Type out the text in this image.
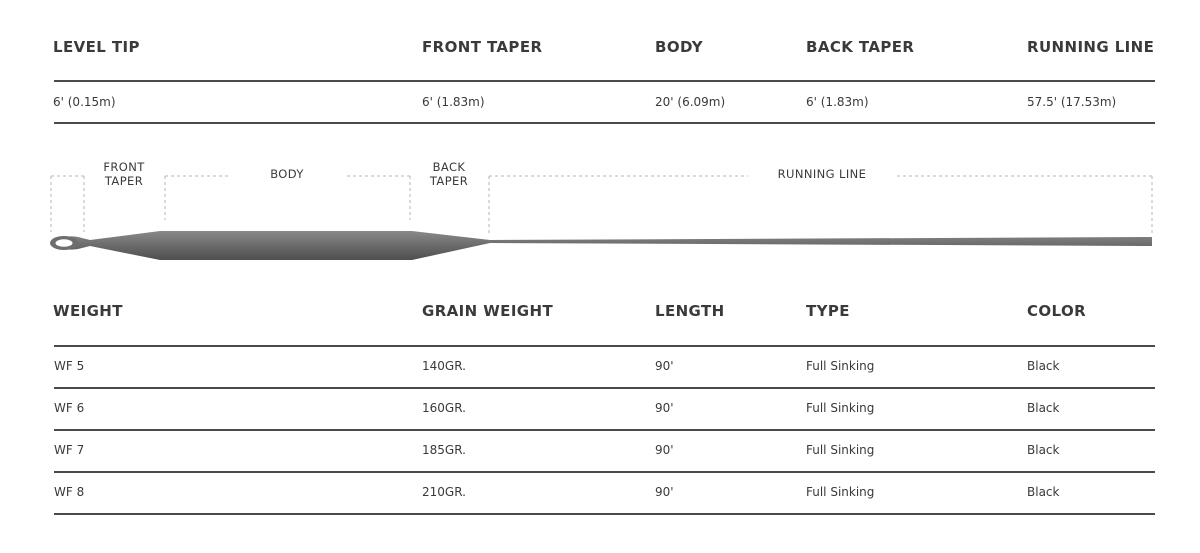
LEVEL TIP	FRONT TAPER	BODY	BACK TAPER	RUNNING LINE
6' (0.15m)	6' (1.83m)	20' (6.09m)	6' (1.83m)	57.5' (17.53m)
FRONT
TAPER	BODY	BACK
TAPER	RUNNING LINE
WEIGHT	GRAIN WEIGHT	LENGTH	TYPE	COLOR
WF 5	140GR.	90'	Full Sinking	Black
WF 6	160GR.	90'	Full Sinking	Black
WF 7	185GR.	90'	Full Sinking	Black
WF 8	210GR.	90'	Full Sinking	Black
